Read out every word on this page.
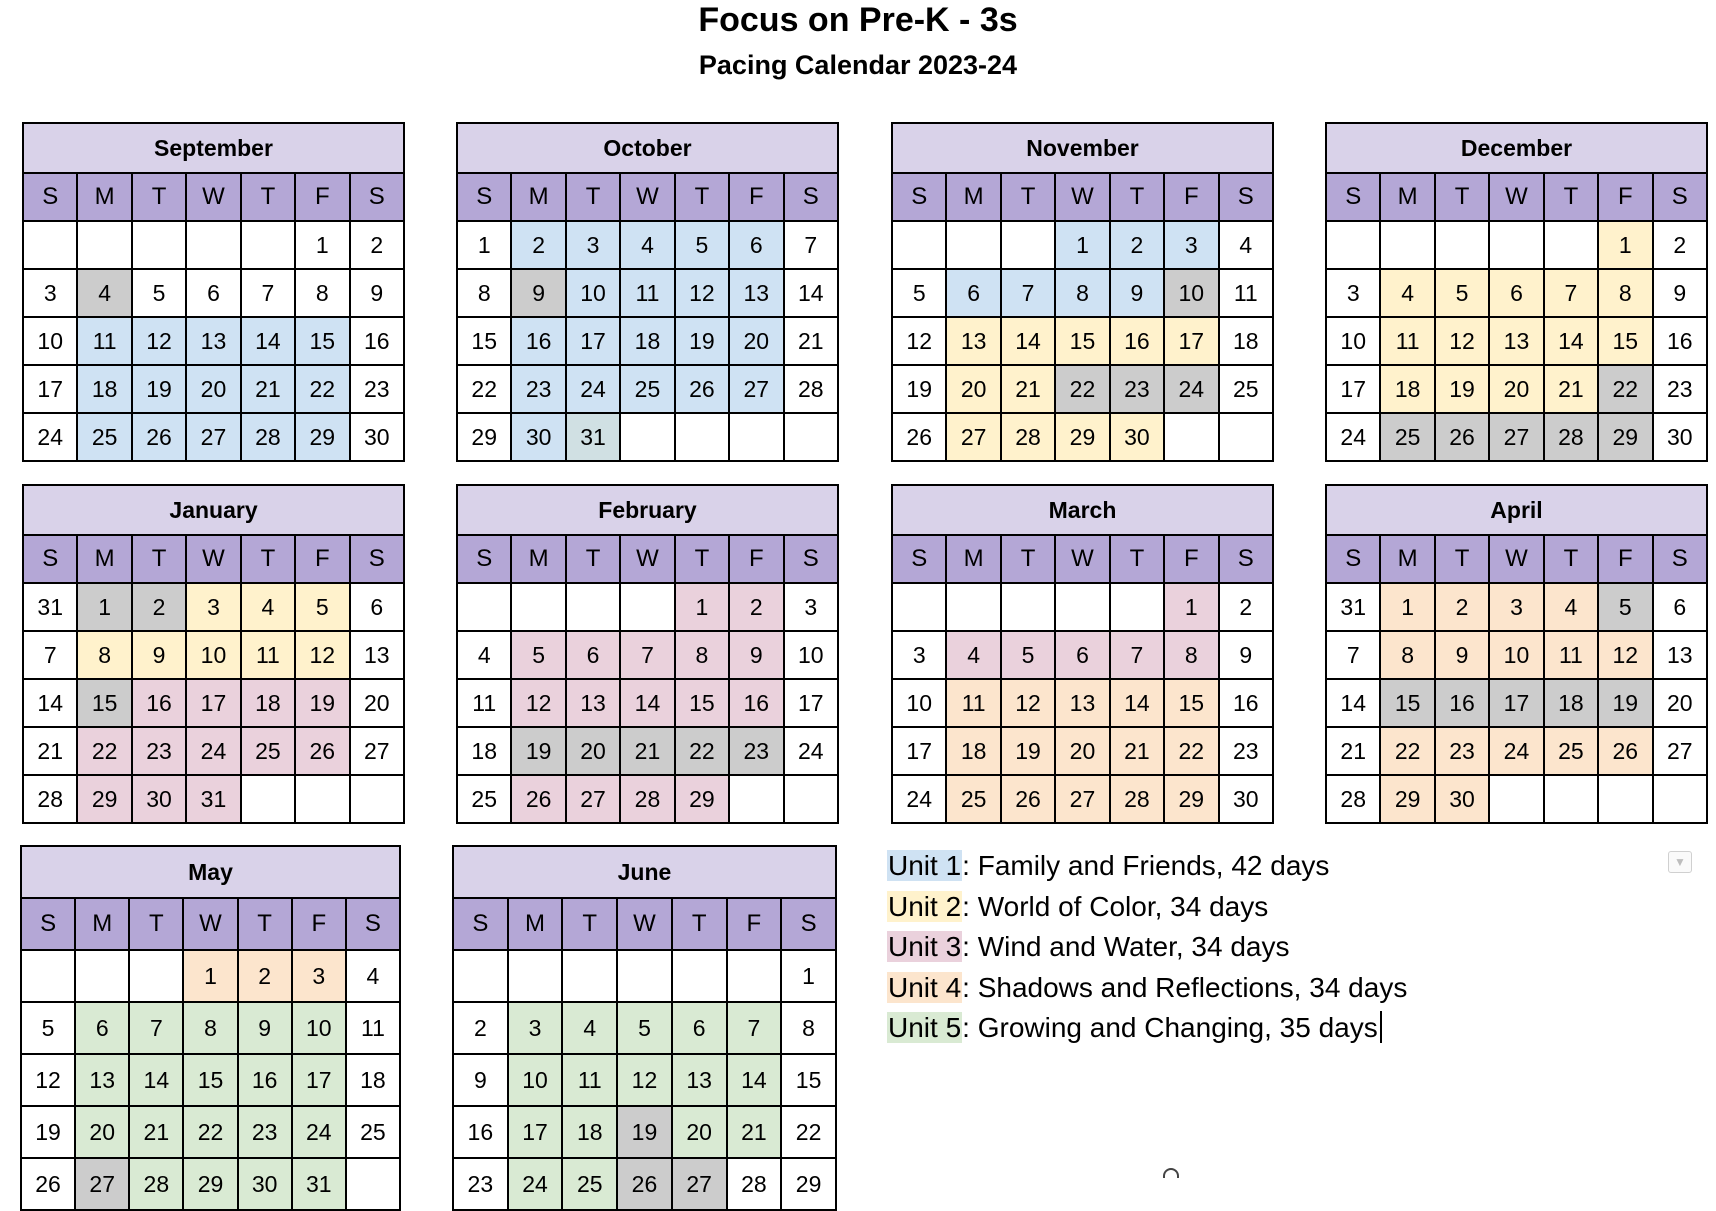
Focus on Pre-K - 3s
Pacing Calendar 2023-24
September						
S	M	T	W	T	F	S
					1	2
3	4	5	6	7	8	9
10	11	12	13	14	15	16
17	18	19	20	21	22	23
24	25	26	27	28	29	30
October						
S	M	T	W	T	F	S
1	2	3	4	5	6	7
8	9	10	11	12	13	14
15	16	17	18	19	20	21
22	23	24	25	26	27	28
29	30	31				
November						
S	M	T	W	T	F	S
			1	2	3	4
5	6	7	8	9	10	11
12	13	14	15	16	17	18
19	20	21	22	23	24	25
26	27	28	29	30		
December						
S	M	T	W	T	F	S
					1	2
3	4	5	6	7	8	9
10	11	12	13	14	15	16
17	18	19	20	21	22	23
24	25	26	27	28	29	30
January						
S	M	T	W	T	F	S
31	1	2	3	4	5	6
7	8	9	10	11	12	13
14	15	16	17	18	19	20
21	22	23	24	25	26	27
28	29	30	31			
February						
S	M	T	W	T	F	S
				1	2	3
4	5	6	7	8	9	10
11	12	13	14	15	16	17
18	19	20	21	22	23	24
25	26	27	28	29		
March						
S	M	T	W	T	F	S
					1	2
3	4	5	6	7	8	9
10	11	12	13	14	15	16
17	18	19	20	21	22	23
24	25	26	27	28	29	30
April						
S	M	T	W	T	F	S
31	1	2	3	4	5	6
7	8	9	10	11	12	13
14	15	16	17	18	19	20
21	22	23	24	25	26	27
28	29	30				
May						
S	M	T	W	T	F	S
			1	2	3	4
5	6	7	8	9	10	11
12	13	14	15	16	17	18
19	20	21	22	23	24	25
26	27	28	29	30	31	
June						
S	M	T	W	T	F	S
						1
2	3	4	5	6	7	8
9	10	11	12	13	14	15
16	17	18	19	20	21	22
23	24	25	26	27	28	29
Unit 1: Family and Friends, 42 days
Unit 2: World of Color, 34 days
Unit 3: Wind and Water, 34 days
Unit 4: Shadows and Reflections, 34 days
Unit 5: Growing and Changing, 35 days
▼
